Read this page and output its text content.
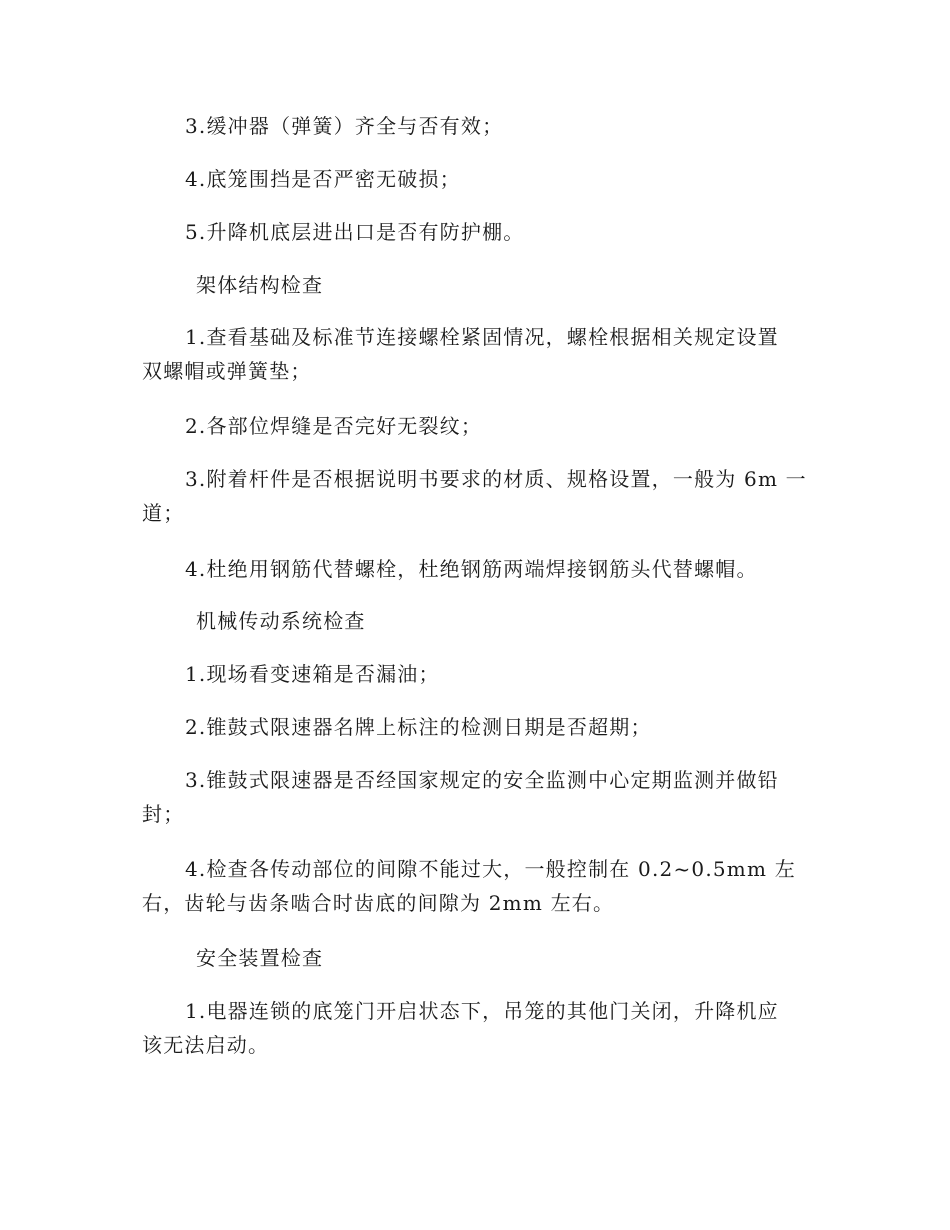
3.缓冲器（弹簧）齐全与否有效；

4.底笼围挡是否严密无破损；

5.升降机底层进出口是否有防护棚。

架体结构检查

1.查看基础及标准节连接螺栓紧固情况，螺栓根据相关规定设置
双螺帽或弹簧垫；

2.各部位焊缝是否完好无裂纹；

3.附着杆件是否根据说明书要求的材质、规格设置，一般为 6m 一
道；

4.杜绝用钢筋代替螺栓，杜绝钢筋两端焊接钢筋头代替螺帽。

机械传动系统检查

1.现场看变速箱是否漏油；

2.锥鼓式限速器名牌上标注的检测日期是否超期；

3.锥鼓式限速器是否经国家规定的安全监测中心定期监测并做铅
封；

4.检查各传动部位的间隙不能过大，一般控制在 0.2~0.5mm 左
右，齿轮与齿条啮合时齿底的间隙为 2mm 左右。

安全装置检查

1.电器连锁的底笼门开启状态下，吊笼的其他门关闭，升降机应
该无法启动。
